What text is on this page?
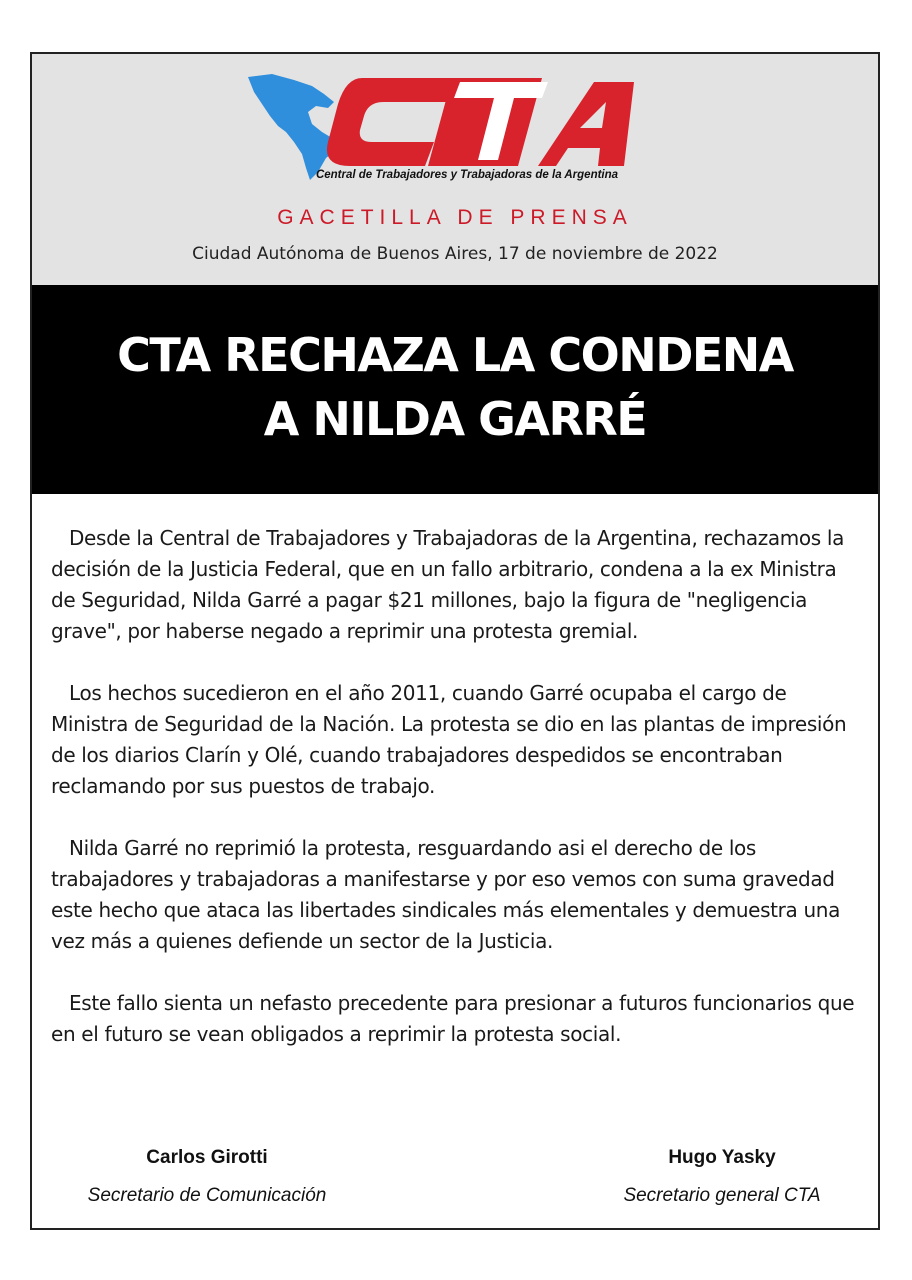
CTA
Central de Trabajadores y Trabajadoras de la Argentina
GACETILLA DE PRENSA
Ciudad Autónoma de Buenos Aires, 17 de noviembre de 2022
CTA RECHAZA LA CONDENA
A NILDA GARRÉ

Desde la Central de Trabajadores y Trabajadoras de la Argentina, rechazamos la decisión de la Justicia Federal, que en un fallo arbitrario, condena a la ex Ministra de Seguridad, Nilda Garré a pagar $21 millones, bajo la figura de "negligencia grave", por haberse negado a reprimir una protesta gremial.

Los hechos sucedieron en el año 2011, cuando Garré ocupaba el cargo de Ministra de Seguridad de la Nación. La protesta se dio en las plantas de impresión de los diarios Clarín y Olé, cuando trabajadores despedidos se encontraban reclamando por sus puestos de trabajo.

Nilda Garré no reprimió la protesta, resguardando asi el derecho de los trabajadores y trabajadoras a manifestarse y por eso vemos con suma gravedad este hecho que ataca las libertades sindicales más elementales y demuestra una vez más a quienes defiende un sector de la Justicia.

Este fallo sienta un nefasto precedente para presionar a futuros funcionarios que en el futuro se vean obligados a reprimir la protesta social.

Carlos Girotti
Secretario de Comunicación
Hugo Yasky
Secretario general CTA
